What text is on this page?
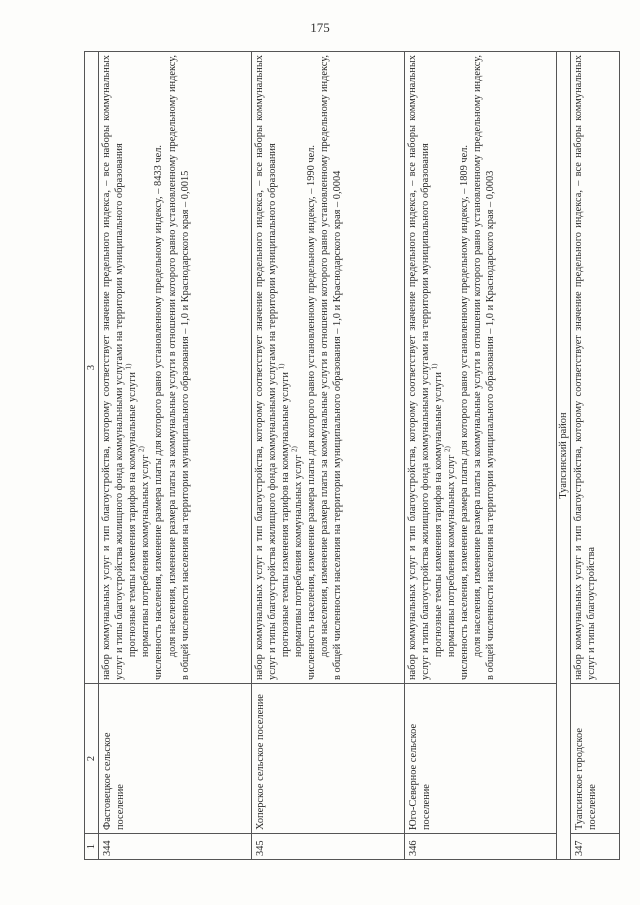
175
1	2	3
344	Фастовецкое сельское поселение	набор коммунальных услуг и тип благоустройства, которому соответствует значение предельного индекса, – все наборы коммунальных услуг и типы благоустройства жилищного фонда коммунальными услугами на территории муниципального образования прогнозные темпы изменения тарифов на коммунальные услуги $^{1)}$

нормативы потребления коммунальных услуг $^{2)}$ численность населения, изменение размера платы для которого равно установленному предельному индексу, – 8433 чел. доля населения, изменение размера платы за коммунальные услуги в отношении которого равно установленному предельному индексу, в общей численности населения на территории муниципального образования – 1,0 и Краснодарского края – 0,0015

345	Хоперское сельское поселение	набор коммунальных услуг и тип благоустройства, которому соответствует значение предельного индекса, – все наборы коммунальных услуг и типы благоустройства жилищного фонда коммунальными услугами на территории муниципального образования прогнозные темпы изменения тарифов на коммунальные услуги $^{1)}$

нормативы потребления коммунальных услуг $^{2)}$ численность населения, изменение размера платы для которого равно установленному предельному индексу, – 1990 чел. доля населения, изменение размера платы за коммунальные услуги в отношении которого равно установленному предельному индексу, в общей численности населения на территории муниципального образования – 1,0 и Краснодарского края – 0,0004

346	Юго-Северное сельское поселение	набор коммунальных услуг и тип благоустройства, которому соответствует значение предельного индекса, – все наборы коммунальных услуг и типы благоустройства жилищного фонда коммунальными услугами на территории муниципального образования прогнозные темпы изменения тарифов на коммунальные услуги $^{1)}$

нормативы потребления коммунальных услуг $^{2)}$ численность населения, изменение размера платы для которого равно установленному предельному индексу, – 1809 чел. доля населения, изменение размера платы за коммунальные услуги в отношении которого равно установленному предельному индексу, в общей численности населения на территории муниципального образования – 1,0 и Краснодарского края – 0,0003

Туапсинский район		
347	Туапсинское городское поселение	набор коммунальных услуг и тип благоустройства, которому соответствует значение предельного индекса, – все наборы коммунальных услуг и типы благоустройства
